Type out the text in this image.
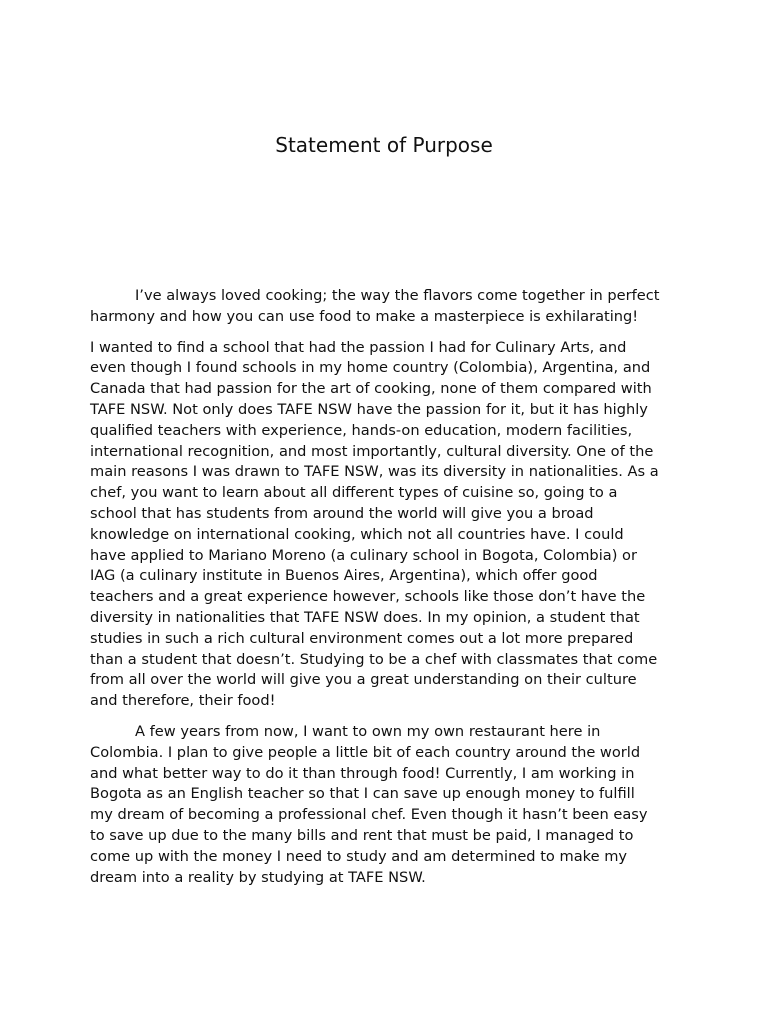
Statement of Purpose

I’ve always loved cooking; the way the flavors come together in perfect
harmony and how you can use food to make a masterpiece is exhilarating!

I wanted to find a school that had the passion I had for Culinary Arts, and
even though I found schools in my home country (Colombia), Argentina, and
Canada that had passion for the art of cooking, none of them compared with
TAFE NSW. Not only does TAFE NSW have the passion for it, but it has highly
qualified teachers with experience, hands-on education, modern facilities,
international recognition, and most importantly, cultural diversity. One of the
main reasons I was drawn to TAFE NSW, was its diversity in nationalities. As a
chef, you want to learn about all different types of cuisine so, going to a
school that has students from around the world will give you a broad
knowledge on international cooking, which not all countries have. I could
have applied to Mariano Moreno (a culinary school in Bogota, Colombia) or
IAG (a culinary institute in Buenos Aires, Argentina), which offer good
teachers and a great experience however, schools like those don’t have the
diversity in nationalities that TAFE NSW does. In my opinion, a student that
studies in such a rich cultural environment comes out a lot more prepared
than a student that doesn’t. Studying to be a chef with classmates that come
from all over the world will give you a great understanding on their culture
and therefore, their food!

A few years from now, I want to own my own restaurant here in
Colombia. I plan to give people a little bit of each country around the world
and what better way to do it than through food! Currently, I am working in
Bogota as an English teacher so that I can save up enough money to fulfill
my dream of becoming a professional chef. Even though it hasn’t been easy
to save up due to the many bills and rent that must be paid, I managed to
come up with the money I need to study and am determined to make my
dream into a reality by studying at TAFE NSW.
